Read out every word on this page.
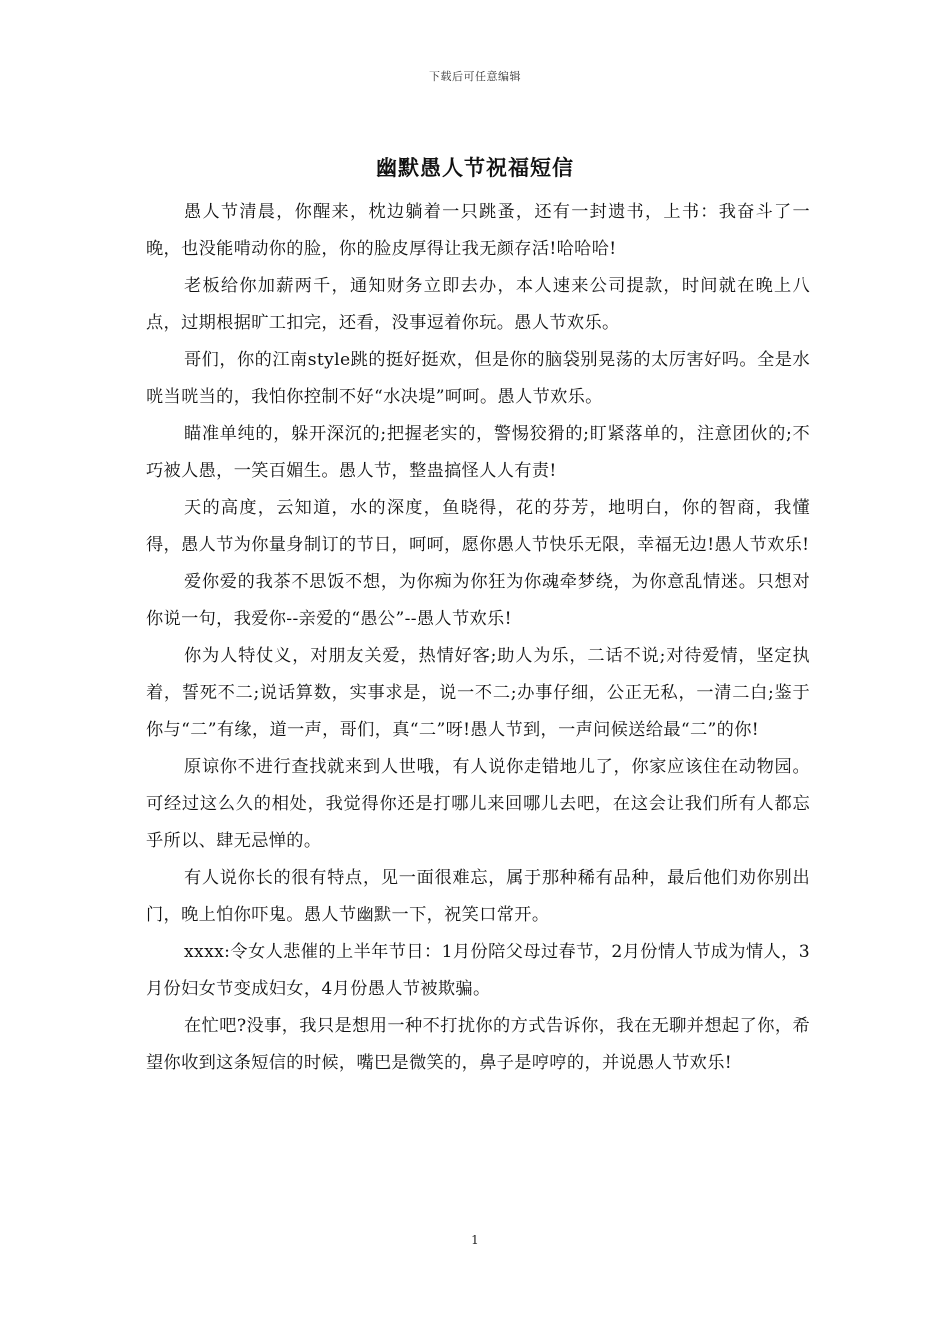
下载后可任意编辑
幽默愚人节祝福短信

愚人节清晨，你醒来，枕边躺着一只跳蚤，还有一封遗书，上书：我奋斗了一晚，也没能啃动你的脸，你的脸皮厚得让我无颜存活!哈哈哈!

老板给你加薪两千，通知财务立即去办，本人速来公司提款，时间就在晚上八点，过期根据旷工扣完，还看，没事逗着你玩。愚人节欢乐。

哥们，你的江南style跳的挺好挺欢，但是你的脑袋别晃荡的太厉害好吗。全是水咣当咣当的，我怕你控制不好“水决堤”呵呵。愚人节欢乐。

瞄准单纯的，躲开深沉的;把握老实的，警惕狡猾的;盯紧落单的，注意团伙的;不巧被人愚，一笑百媚生。愚人节，整蛊搞怪人人有责!

天的高度，云知道，水的深度，鱼晓得，花的芬芳，地明白，你的智商，我懂得，愚人节为你量身制订的节日，呵呵，愿你愚人节快乐无限，幸福无边!愚人节欢乐!

爱你爱的我茶不思饭不想，为你痴为你狂为你魂牵梦绕，为你意乱情迷。只想对你说一句，我爱你--亲爱的“愚公”--愚人节欢乐!

你为人特仗义，对朋友关爱，热情好客;助人为乐，二话不说;对待爱情，坚定执着，誓死不二;说话算数，实事求是，说一不二;办事仔细，公正无私，一清二白;鉴于你与“二”有缘，道一声，哥们，真“二”呀!愚人节到，一声问候送给最“二”的你!

原谅你不进行查找就来到人世哦，有人说你走错地儿了，你家应该住在动物园。可经过这么久的相处，我觉得你还是打哪儿来回哪儿去吧，在这会让我们所有人都忘乎所以、肆无忌惮的。

有人说你长的很有特点，见一面很难忘，属于那种稀有品种，最后他们劝你别出门，晚上怕你吓鬼。愚人节幽默一下，祝笑口常开。

xxxx:令女人悲催的上半年节日：1月份陪父母过春节，2月份情人节成为情人，3月份妇女节变成妇女，4月份愚人节被欺骗。

在忙吧?没事，我只是想用一种不打扰你的方式告诉你，我在无聊并想起了你，希望你收到这条短信的时候，嘴巴是微笑的，鼻子是哼哼的，并说愚人节欢乐!

1
